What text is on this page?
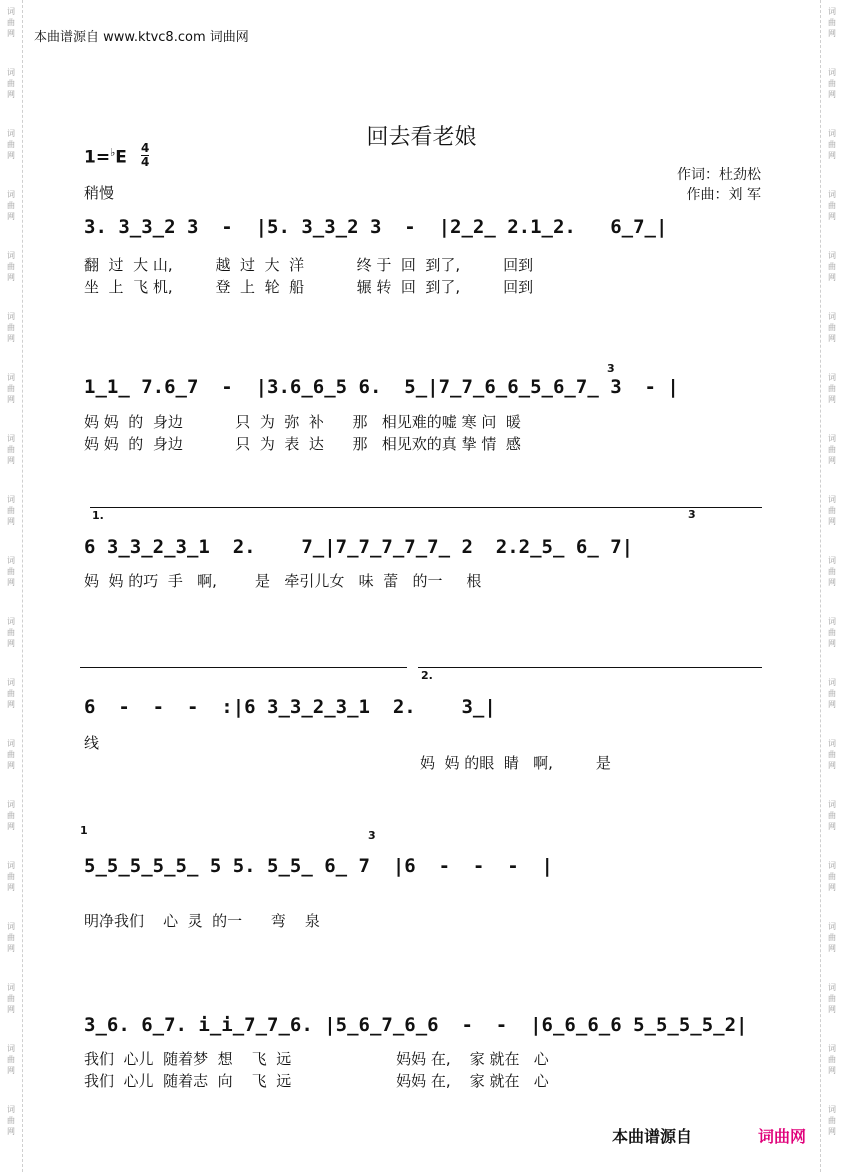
词
曲
网
词
曲
网
词
曲
网
词
曲
网
词
曲
网
词
曲
网
词
曲
网
词
曲
网
词
曲
网
词
曲
网
词
曲
网
词
曲
网
词
曲
网
词
曲
网
词
曲
网
词
曲
网
词
曲
网
词
曲
网
词
曲
网
词
曲
网
词
曲
网
词
曲
网
词
曲
网
词
曲
网
词
曲
网
词
曲
网
词
曲
网
词
曲
网
词
曲
网
词
曲
网
词
曲
网
词
曲
网
词
曲
网
词
曲
网
词
曲
网
词
曲
网
词
曲
网
词
曲
网
本曲谱源自 www.ktvc8.com 词曲网
回去看老娘
1=♭E 4
4
稍慢
作词：杜劲松
作曲：刘 军
3. 3̲3̲2 3  -  |5. 3̲3̲2 3  -  |2̲2̲ 2.1̲2.   6̲7̲|
翻  过  大 山,         越  过  大  洋           终 于  回  到了,         回到
坐  上  飞 机,         登  上  轮  船           辗 转  回  到了,         回到
1̲1̲ 7.6̲7  -  |3.6̲6̲5 6.  5̲|7̲7̲6̲6̲5̲6̲7̲ 3  - |
3
妈 妈  的  身边           只  为  弥  补      那   相见难的嘘 寒 问  暖
妈 妈  的  身边           只  为  表  达      那   相见欢的真 挚 情  感
1.	3
6 3̲3̲2̲3̲1  2.    7̲|7̲7̲7̲7̲7̲ 2  2.2̲5̲ 6̲ 7|
妈  妈 的巧  手   啊,        是   牵引儿女   味  蕾   的一     根
2.
6  -  -  -  :|6 3̲3̲2̲3̲1  2.    3̲|
线
妈  妈 的眼  睛   啊,         是
1	3
5̲5̲5̲5̲5̲ 5 5. 5̲5̲ 6̲ 7  |6  -  -  -  |
明净我们    心  灵  的一      弯    泉
3̲6. 6̲7. i̲i̲7̲7̲6. |5̲6̲7̲6̲6  -  -  |6̲6̲6̲6 5̲5̲5̲5̲2|
我们  心儿  随着梦  想    飞  远                      妈妈 在,    家 就在   心
我们  心儿  随着志  向    飞  远                      妈妈 在,    家 就在   心
本曲谱源自	词曲网
